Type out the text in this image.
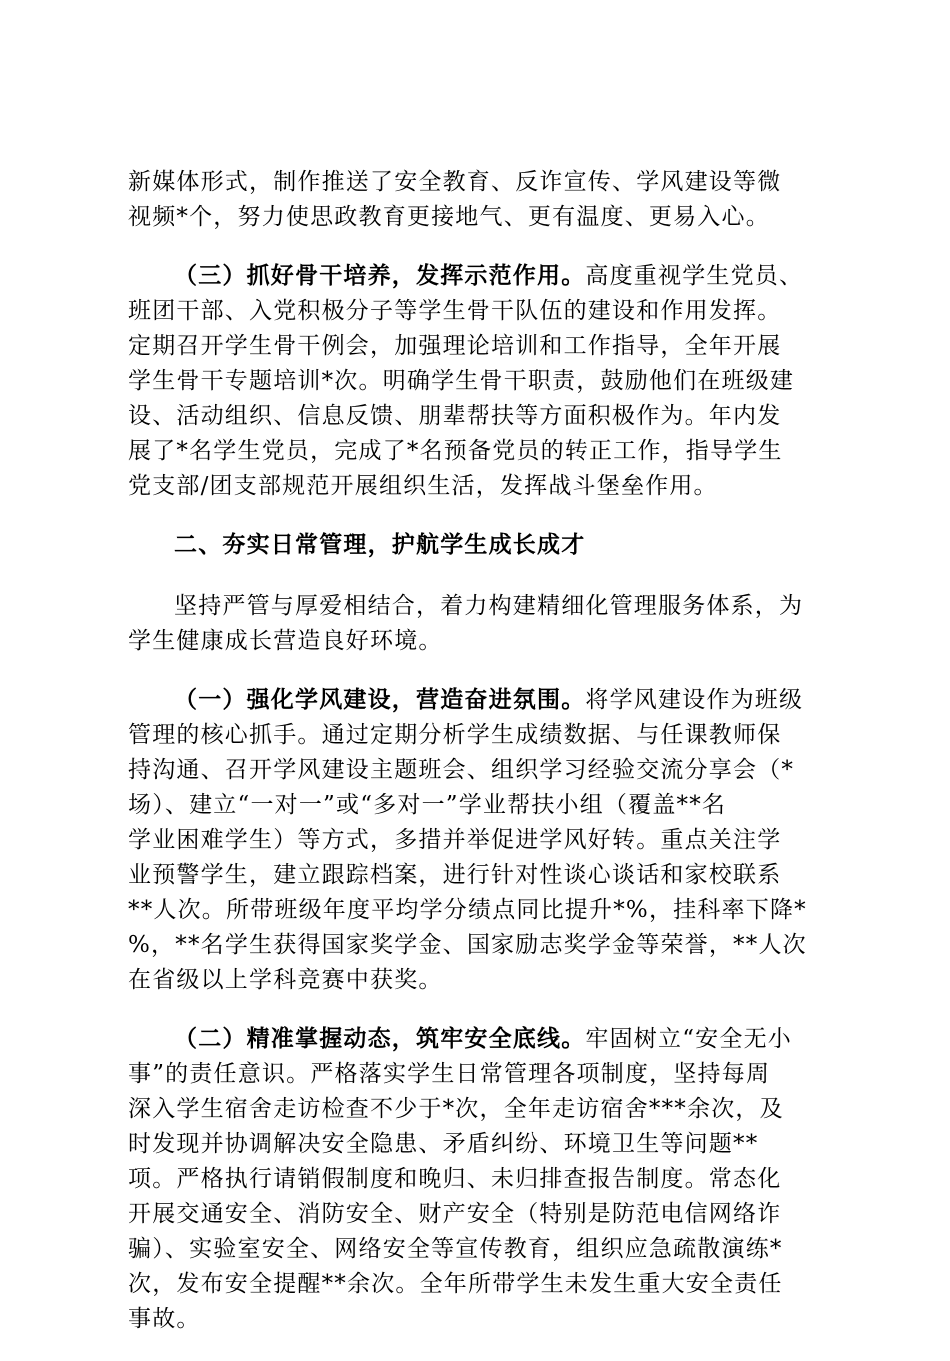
新媒体形式，制作推送了安全教育、反诈宣传、学风建设等微
视频*个，努力使思政教育更接地气、更有温度、更易入心。

（三）抓好骨干培养，发挥示范作用。高度重视学生党员、
班团干部、入党积极分子等学生骨干队伍的建设和作用发挥。
定期召开学生骨干例会，加强理论培训和工作指导，全年开展
学生骨干专题培训*次。明确学生骨干职责，鼓励他们在班级建
设、活动组织、信息反馈、朋辈帮扶等方面积极作为。年内发
展了*名学生党员，完成了*名预备党员的转正工作，指导学生
党支部/团支部规范开展组织生活，发挥战斗堡垒作用。

二、夯实日常管理，护航学生成长成才

坚持严管与厚爱相结合，着力构建精细化管理服务体系，为
学生健康成长营造良好环境。

（一）强化学风建设，营造奋进氛围。将学风建设作为班级
管理的核心抓手。通过定期分析学生成绩数据、与任课教师保
持沟通、召开学风建设主题班会、组织学习经验交流分享会（*
场）、建立“一对一”或“多对一”学业帮扶小组（覆盖**名
学业困难学生）等方式，多措并举促进学风好转。重点关注学
业预警学生，建立跟踪档案，进行针对性谈心谈话和家校联系
**人次。所带班级年度平均学分绩点同比提升*%，挂科率下降*
%，**名学生获得国家奖学金、国家励志奖学金等荣誉，**人次
在省级以上学科竞赛中获奖。

（二）精准掌握动态，筑牢安全底线。牢固树立“安全无小
事”的责任意识。严格落实学生日常管理各项制度，坚持每周
深入学生宿舍走访检查不少于*次，全年走访宿舍***余次，及
时发现并协调解决安全隐患、矛盾纠纷、环境卫生等问题**
项。严格执行请销假制度和晚归、未归排查报告制度。常态化
开展交通安全、消防安全、财产安全（特别是防范电信网络诈
骗）、实验室安全、网络安全等宣传教育，组织应急疏散演练*
次，发布安全提醒**余次。全年所带学生未发生重大安全责任
事故。
